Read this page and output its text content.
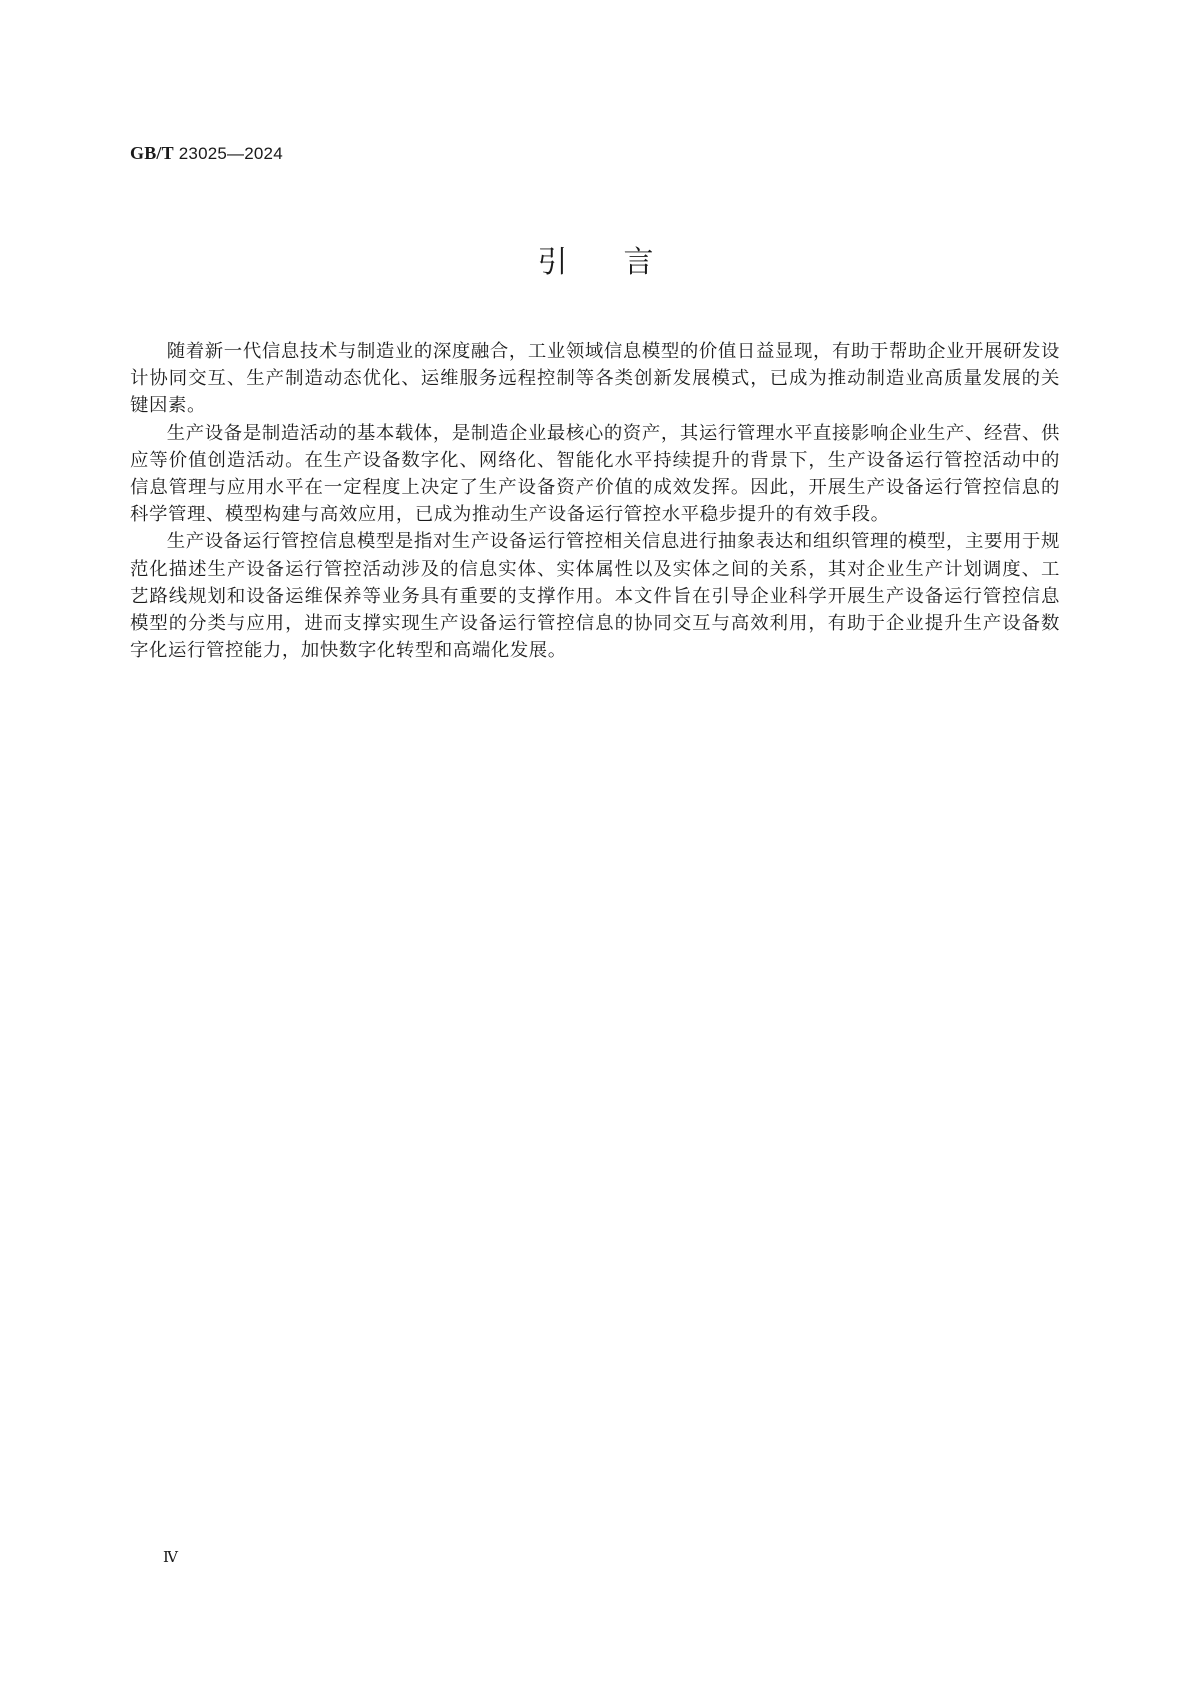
GB/T 23025—2024
引言

随着新一代信息技术与制造业的深度融合，工业领域信息模型的价值日益显现，有助于帮助企业开展研发设计协同交互、生产制造动态优化、运维服务远程控制等各类创新发展模式，已成为推动制造业高质量发展的关键因素。

生产设备是制造活动的基本载体，是制造企业最核心的资产，其运行管理水平直接影响企业生产、经营、供应等价值创造活动。在生产设备数字化、网络化、智能化水平持续提升的背景下，生产设备运行管控活动中的信息管理与应用水平在一定程度上决定了生产设备资产价值的成效发挥。因此，开展生产设备运行管控信息的科学管理、模型构建与高效应用，已成为推动生产设备运行管控水平稳步提升的有效手段。

生产设备运行管控信息模型是指对生产设备运行管控相关信息进行抽象表达和组织管理的模型，主要用于规范化描述生产设备运行管控活动涉及的信息实体、实体属性以及实体之间的关系，其对企业生产计划调度、工艺路线规划和设备运维保养等业务具有重要的支撑作用。本文件旨在引导企业科学开展生产设备运行管控信息模型的分类与应用，进而支撑实现生产设备运行管控信息的协同交互与高效利用，有助于企业提升生产设备数字化运行管控能力，加快数字化转型和高端化发展。

Ⅳ
